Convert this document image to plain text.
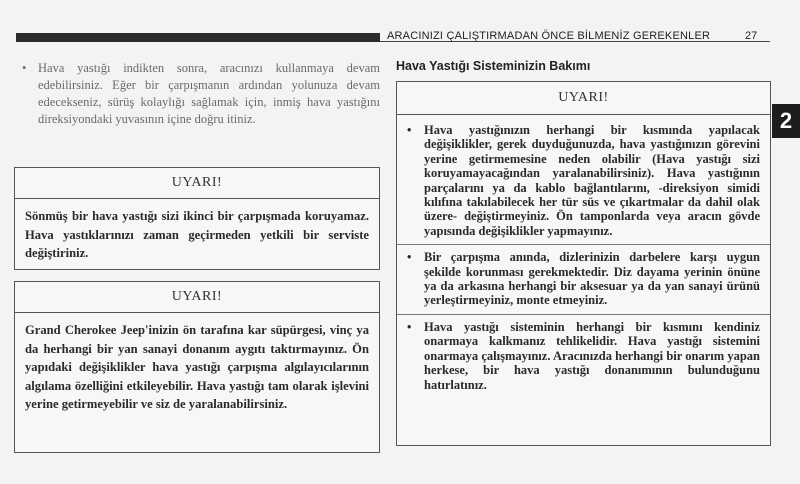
ARACINIZI ÇALIŞTIRMADAN ÖNCE BİLMENİZ GEREKENLER	27
2
• Hava yastığı indikten sonra, aracınızı kullanmaya devam edebilirsiniz. Eğer bir çarpışmanın ardından yolunuza devam edecekseniz, sürüş kolaylığı sağlamak için, inmiş hava yastığını direksiyondaki yuvasının içine doğru itiniz.
UYARI!
Sönmüş bir hava yastığı sizi ikinci bir çarpışmada koruyamaz. Hava yastıklarınızı zaman geçirmeden yetkili bir serviste değiştiriniz.
UYARI!
Grand Cherokee Jeep'inizin ön tarafına kar süpürgesi, vinç ya da herhangi bir yan sanayi donanım aygıtı taktırmayınız. Ön yapıdaki değişiklikler hava yastığı çarpışma algılayıcılarının algılama özelliğini etkileyebilir. Hava yastığı tam olarak işlevini yerine getirmeyebilir ve siz de yaralanabilirsiniz.
Hava Yastığı Sisteminizin Bakımı
UYARI!
• Hava yastığınızın herhangi bir kısmında yapılacak değişiklikler, gerek duyduğunuzda, hava yastığınızın görevini yerine getirmemesine neden olabilir (Hava yastığı sizi koruyamayacağından yaralanabilirsiniz). Hava yastığının parçalarını ya da kablo bağlantılarını, -direksiyon simidi kılıfına takılabilecek her tür süs ve çıkartmalar da dahil olak üzere- değiştirmeyiniz. Ön tamponlarda veya aracın gövde yapısında değişiklikler yapmayınız.
• Bir çarpışma anında, dizlerinizin darbelere karşı uygun şekilde korunması gerekmektedir. Diz dayama yerinin önüne ya da arkasına herhangi bir aksesuar ya da yan sanayi ürünü yerleştirmeyiniz, monte etmeyiniz.
• Hava yastığı sisteminin herhangi bir kısmını kendiniz onarmaya kalkmanız tehlikelidir. Hava yastığı sistemini onarmaya çalışmayınız. Aracınızda herhangi bir onarım yapan herkese, bir hava yastığı donanımının bulunduğunu hatırlatınız.
